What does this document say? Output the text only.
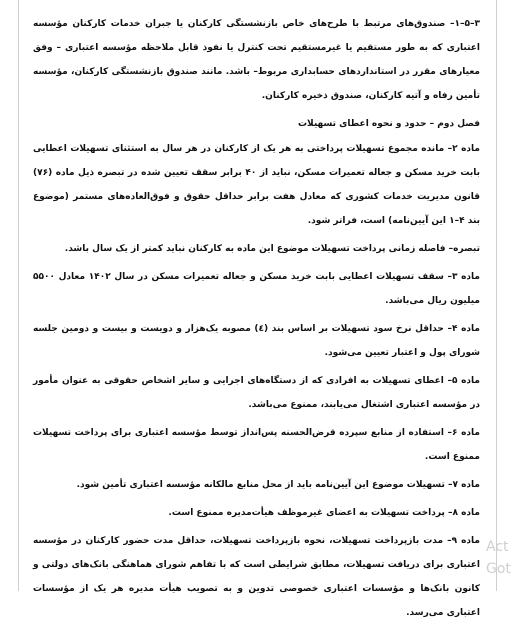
۳–۵–۱– صندوق‌های مرتبط با طرح‌های خاص بازنشستگی کارکنان یا جبران خدمات کارکنان مؤسسه اعتباری که به طور مستقیم یا غیرمستقیم تحت کنترل یا نفوذ قابل ملاحظه مؤسسه اعتباری – وفق معیارهای مقرر در استانداردهای حسابداری مربوط– باشد. مانند صندوق بازنشستگی کارکنان، مؤسسه تأمین رفاه و آتیه کارکنان، صندوق ذخیره کارکنان.

فصل دوم – حدود و نحوه اعطای تسهیلات

ماده ۲– مانده مجموع تسهیلات پرداختی به هر یک از کارکنان در هر سال به استثنای تسهیلات اعطایی بابت خرید مسکن و جعاله تعمیرات مسکن، نباید از ۴۰ برابر سقف تعیین شده در تبصره ذیل ماده (۷۶) قانون مدیریت خدمات کشوری که معادل هفت برابر حداقل حقوق و فوق‌العاده‌های مستمر (موضوع بند ۴–۱ این آیین‌نامه) است، فراتر شود.

تبصره– فاصله زمانی پرداخت تسهیلات موضوع این ماده به کارکنان نباید کمتر از یک سال باشد.

ماده ۳– سقف تسهیلات اعطایی بابت خرید مسکن و جعاله تعمیرات مسکن در سال ۱۴۰۲ معادل ۵۵۰۰ میلیون ریال می‌باشد.

ماده ۴– حداقل نرخ سود تسهیلات بر اساس بند (٤) مصوبه یک‌هزار و دویست و بیست و دومین جلسه شورای پول و اعتبار تعیین می‌شود.

ماده ۵– اعطای تسهیلات به افرادی که از دستگاه‌های اجرایی و سایر اشخاص حقوقی به عنوان مأمور در مؤسسه اعتباری اشتغال می‌یابند، ممنوع می‌باشد.

ماده ۶– استفاده از منابع سپرده قرض‌الحسنه پس‌انداز توسط مؤسسه اعتباری برای پرداخت تسهیلات ممنوع است.

ماده ۷– تسهیلات موضوع این آیین‌نامه باید از محل منابع مالکانه مؤسسه اعتباری تأمین شود.

ماده ۸– پرداخت تسهیلات به اعضای غیرموظف هیأت‌مدیره ممنوع است.

ماده ۹– مدت بازپرداخت تسهیلات، نحوه بازپرداخت تسهیلات، حداقل مدت حضور کارکنان در مؤسسه اعتباری برای دریافت تسهیلات، مطابق شرایطی است که با تفاهم شورای هماهنگی بانک‌های دولتی و کانون بانک‌ها و مؤسسات اعتباری خصوصی تدوین و به تصویب هیأت مدیره هر یک از مؤسسات اعتباری می‌رسد.

Act
Got
